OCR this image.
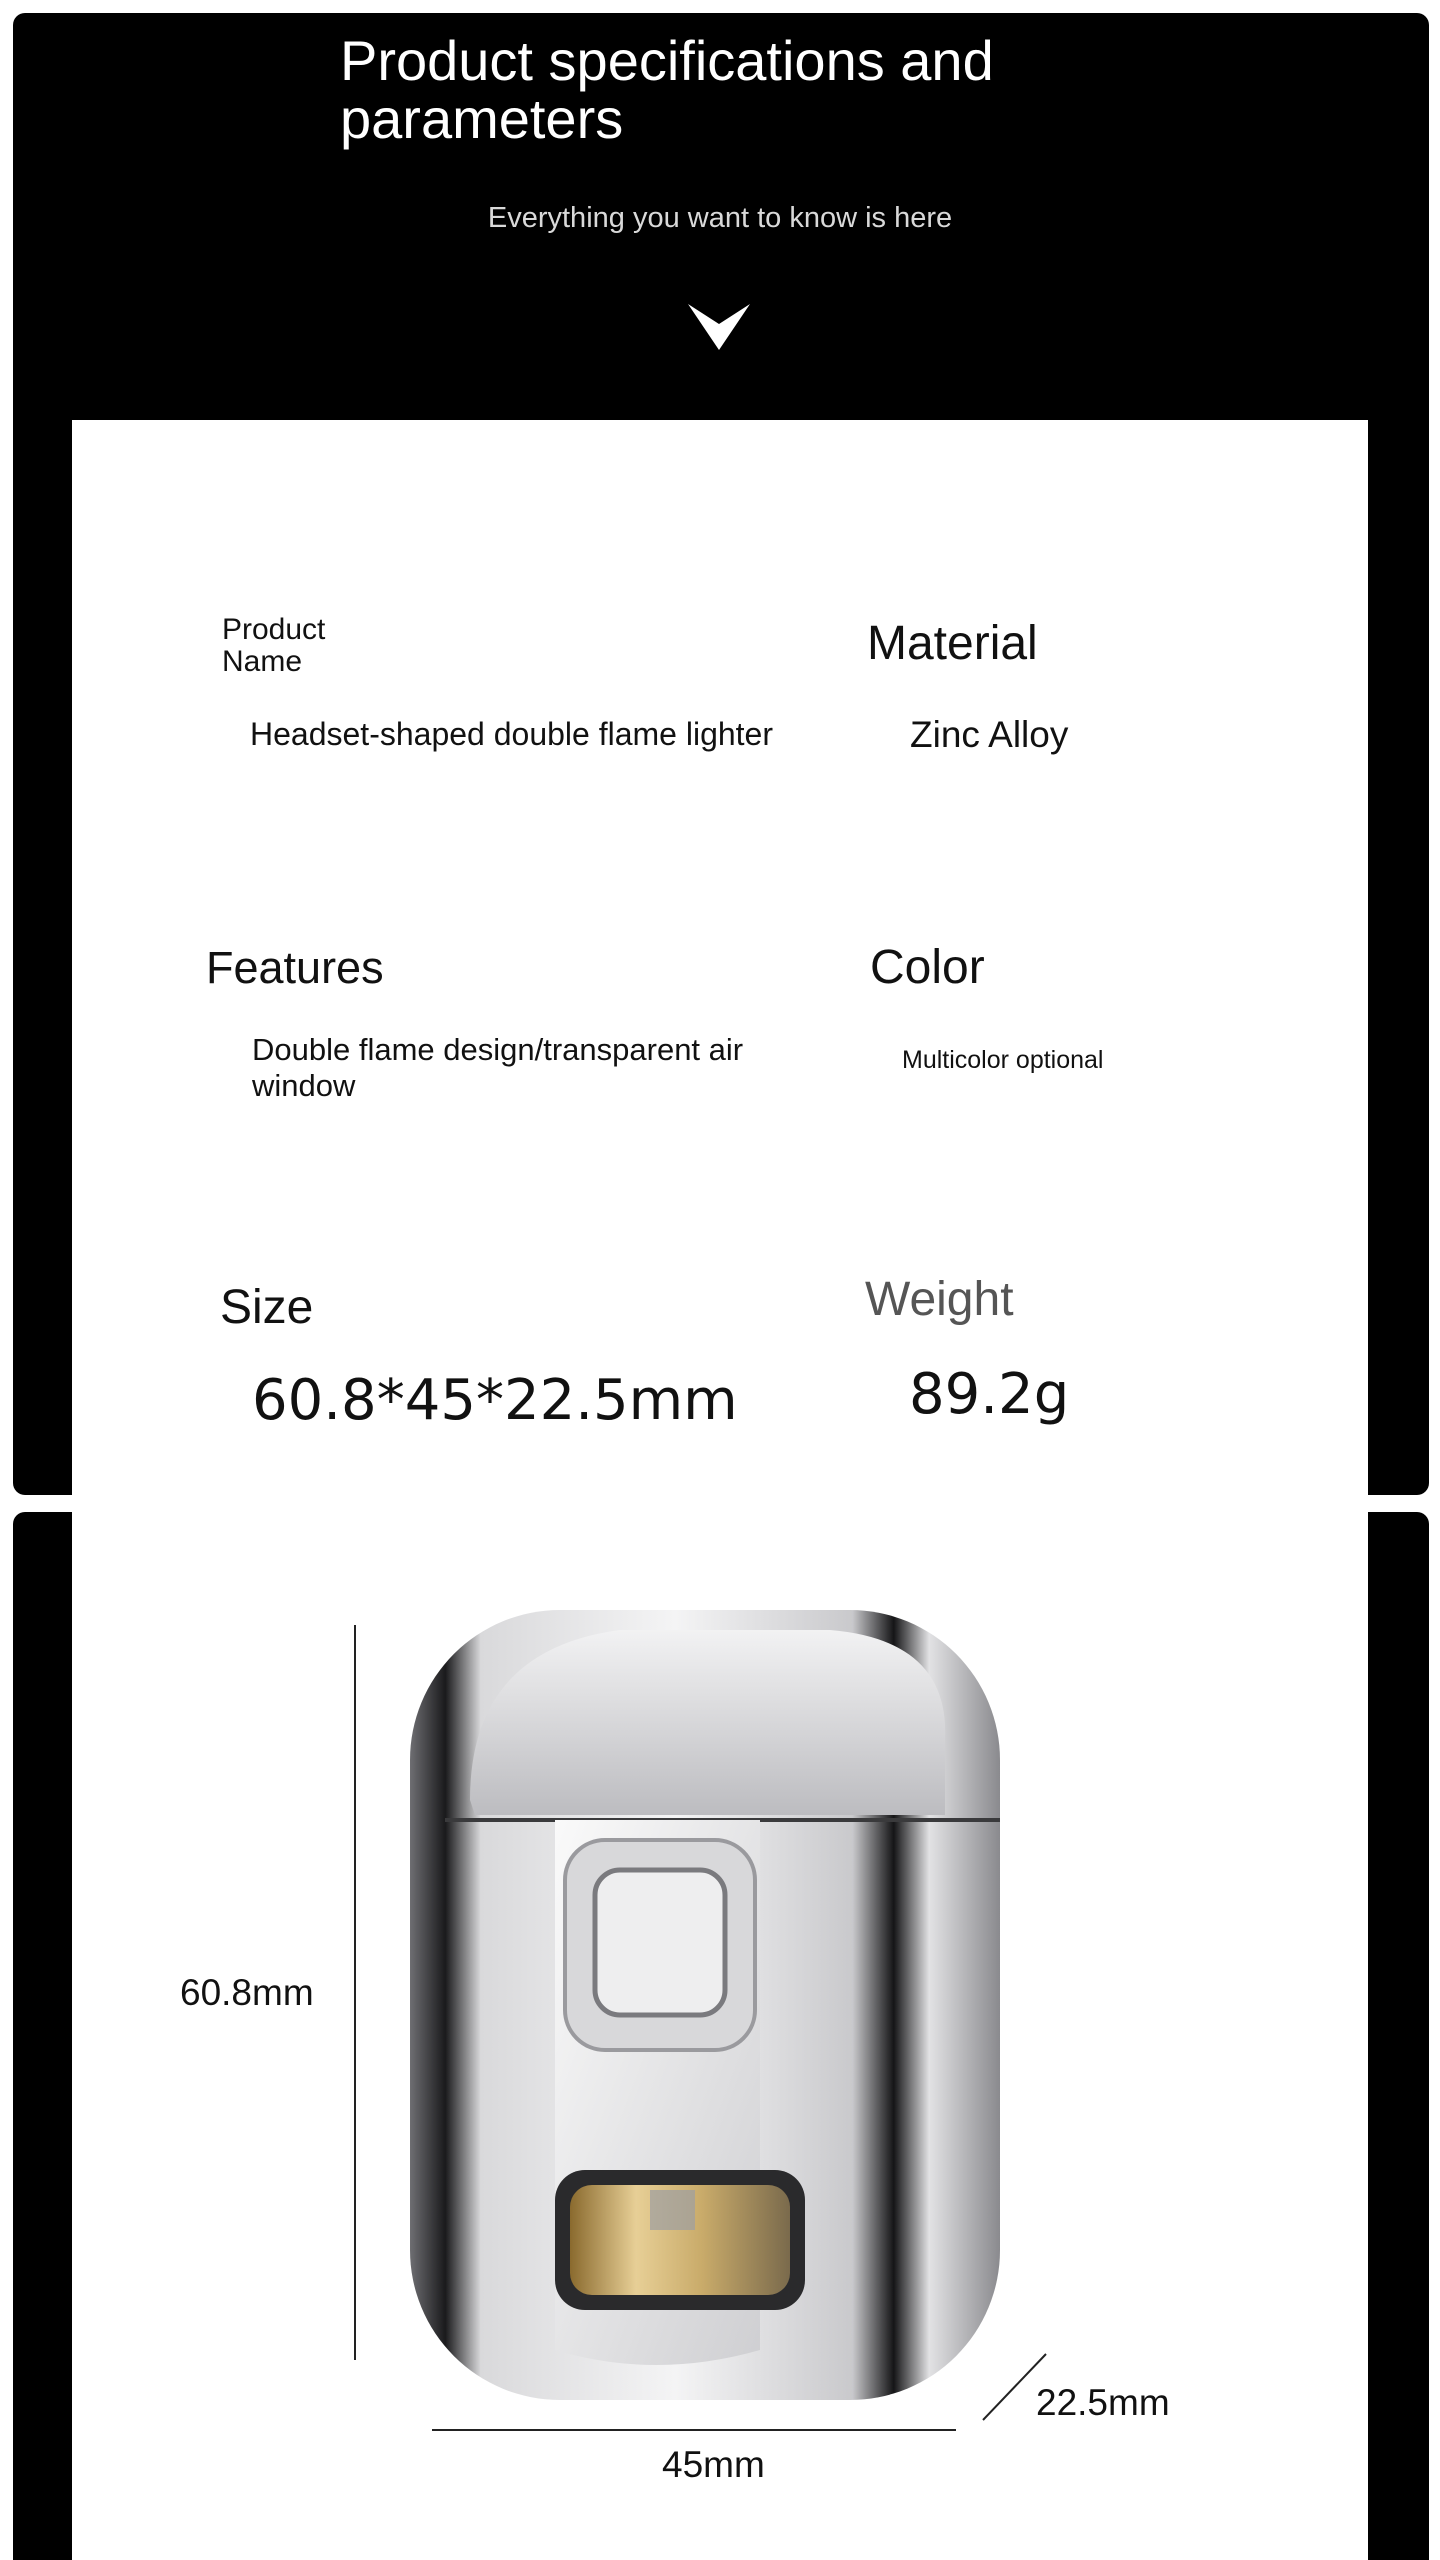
Product specifications and parameters
Everything you want to know is here
Product Name
Headset-shaped double flame lighter
Material
Zinc Alloy
Features
Double flame design/transparent air window
Color
Multicolor optional
Size
60.8*45*22.5mm
Weight
89.2g
60.8mm
45mm
22.5mm
